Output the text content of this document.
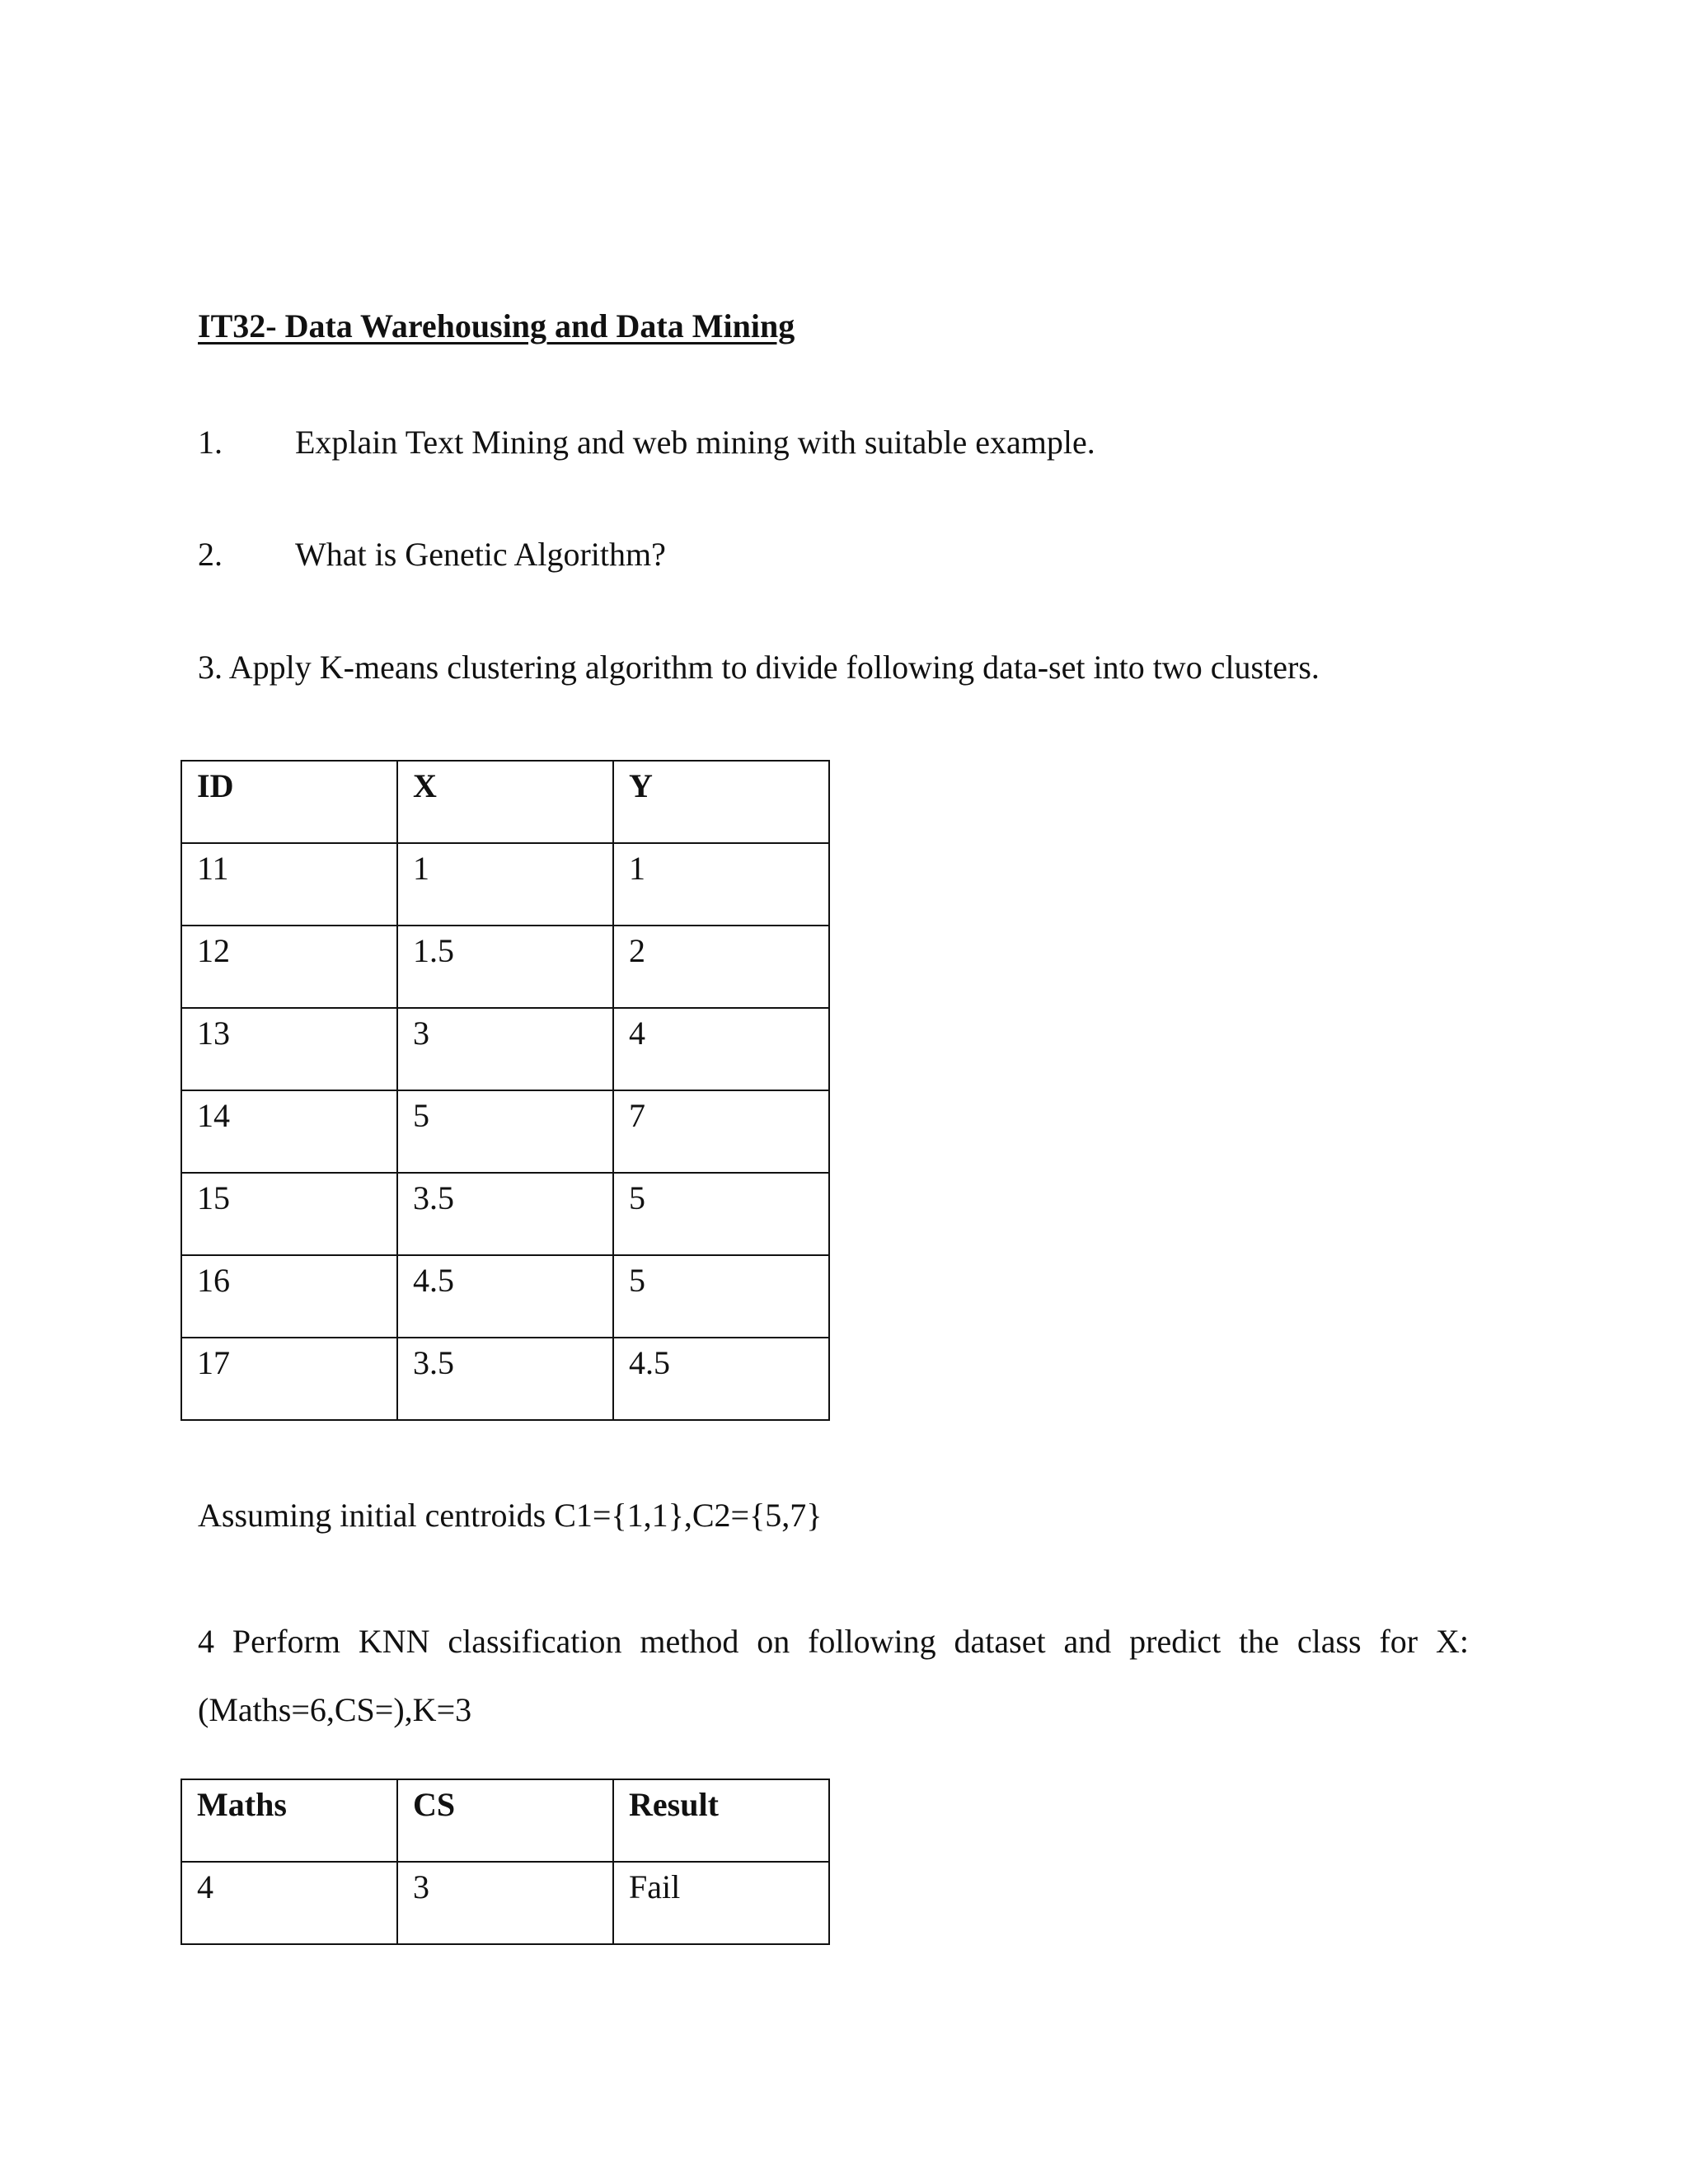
IT32- Data Warehousing and Data Mining
1. Explain Text Mining and web mining with suitable example.
2. What is Genetic Algorithm?
3. Apply K-means clustering algorithm to divide following data-set into two clusters.
ID	X	Y
11	1	1
12	1.5	2
13	3	4
14	5	7
15	3.5	5
16	4.5	5
17	3.5	4.5
Assuming initial centroids C1={1,1},C2={5,7}
4 Perform KNN classification method on following dataset and predict the class for X:(Maths=6,CS=),K=3
Maths	CS	Result
4	3	Fail
